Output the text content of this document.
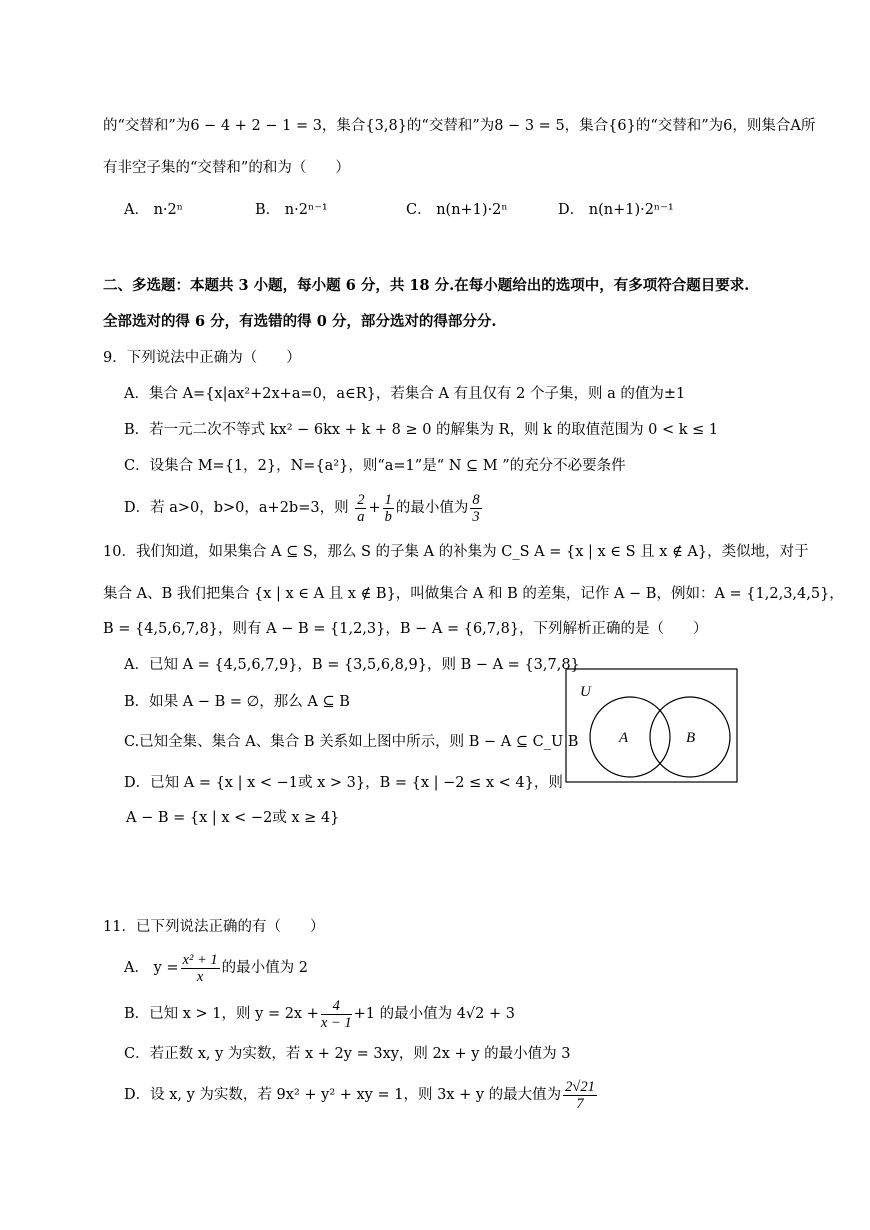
的“交替和”为6 − 4 + 2 − 1 = 3，集合{3,8}的“交替和”为8 − 3 = 5，集合{6}的“交替和”为6，则集合A所
有非空子集的“交替和”的和为（　　）
A． n·2ⁿ	B． n·2ⁿ⁻¹	C． n(n+1)·2ⁿ	D． n(n+1)·2ⁿ⁻¹
二、多选题：本题共 3 小题，每小题 6 分，共 18 分.在每小题给出的选项中，有多项符合题目要求.
全部选对的得 6 分，有选错的得 0 分，部分选对的得部分分.
9．下列说法中正确为（　　）
A．集合 A={x|ax²+2x+a=0，a∈R}，若集合 A 有且仅有 2 个子集，则 a 的值为±1
B．若一元二次不等式 kx² − 6kx + k + 8 ≥ 0 的解集为 R，则 k 的取值范围为 0 < k ≤ 1
C．设集合 M={1，2}，N={a²}，则“a=1”是“ N ⊆ M ”的充分不必要条件
D．若 a>0，b>0，a+2b=3，则 $\frac{2}{a} + \frac{1}{b}$ 的最小值为 $\frac{8}{3}$
10．我们知道，如果集合 A ⊆ S，那么 S 的子集 A 的补集为 C_S A = {x | x ∈ S 且 x ∉ A}，类似地，对于
集合 A、B 我们把集合 {x | x ∈ A 且 x ∉ B}，叫做集合 A 和 B 的差集，记作 A − B，例如：A = {1,2,3,4,5}，
B = {4,5,6,7,8}，则有 A − B = {1,2,3}，B − A = {6,7,8}，下列解析正确的是（　　）
A．已知 A = {4,5,6,7,9}，B = {3,5,6,8,9}，则 B − A = {3,7,8}
B．如果 A − B = ∅，那么 A ⊆ B
C.已知全集、集合 A、集合 B 关系如上图中所示，则 B − A ⊆ C_U B
D．已知 A = {x | x < −1或 x > 3}，B = {x | −2 ≤ x < 4}，则
A − B = {x | x < −2或 x ≥ 4}
U
A	B
11．已下列说法正确的有（　　）
A． $y = \frac{\text{x² + 1}}{x}$ 的最小值为 2
B．已知 x > 1，则 $y = 2x + \frac{4}{x - 1} +1$ 的最小值为 4√2 + 3
C．若正数 x, y 为实数，若 x + 2y = 3xy，则 2x + y 的最小值为 3
D．设 x, y 为实数，若 9x² + y² + xy = 1，则 3x + y 的最大值为 $\frac{2√21}{7}$
